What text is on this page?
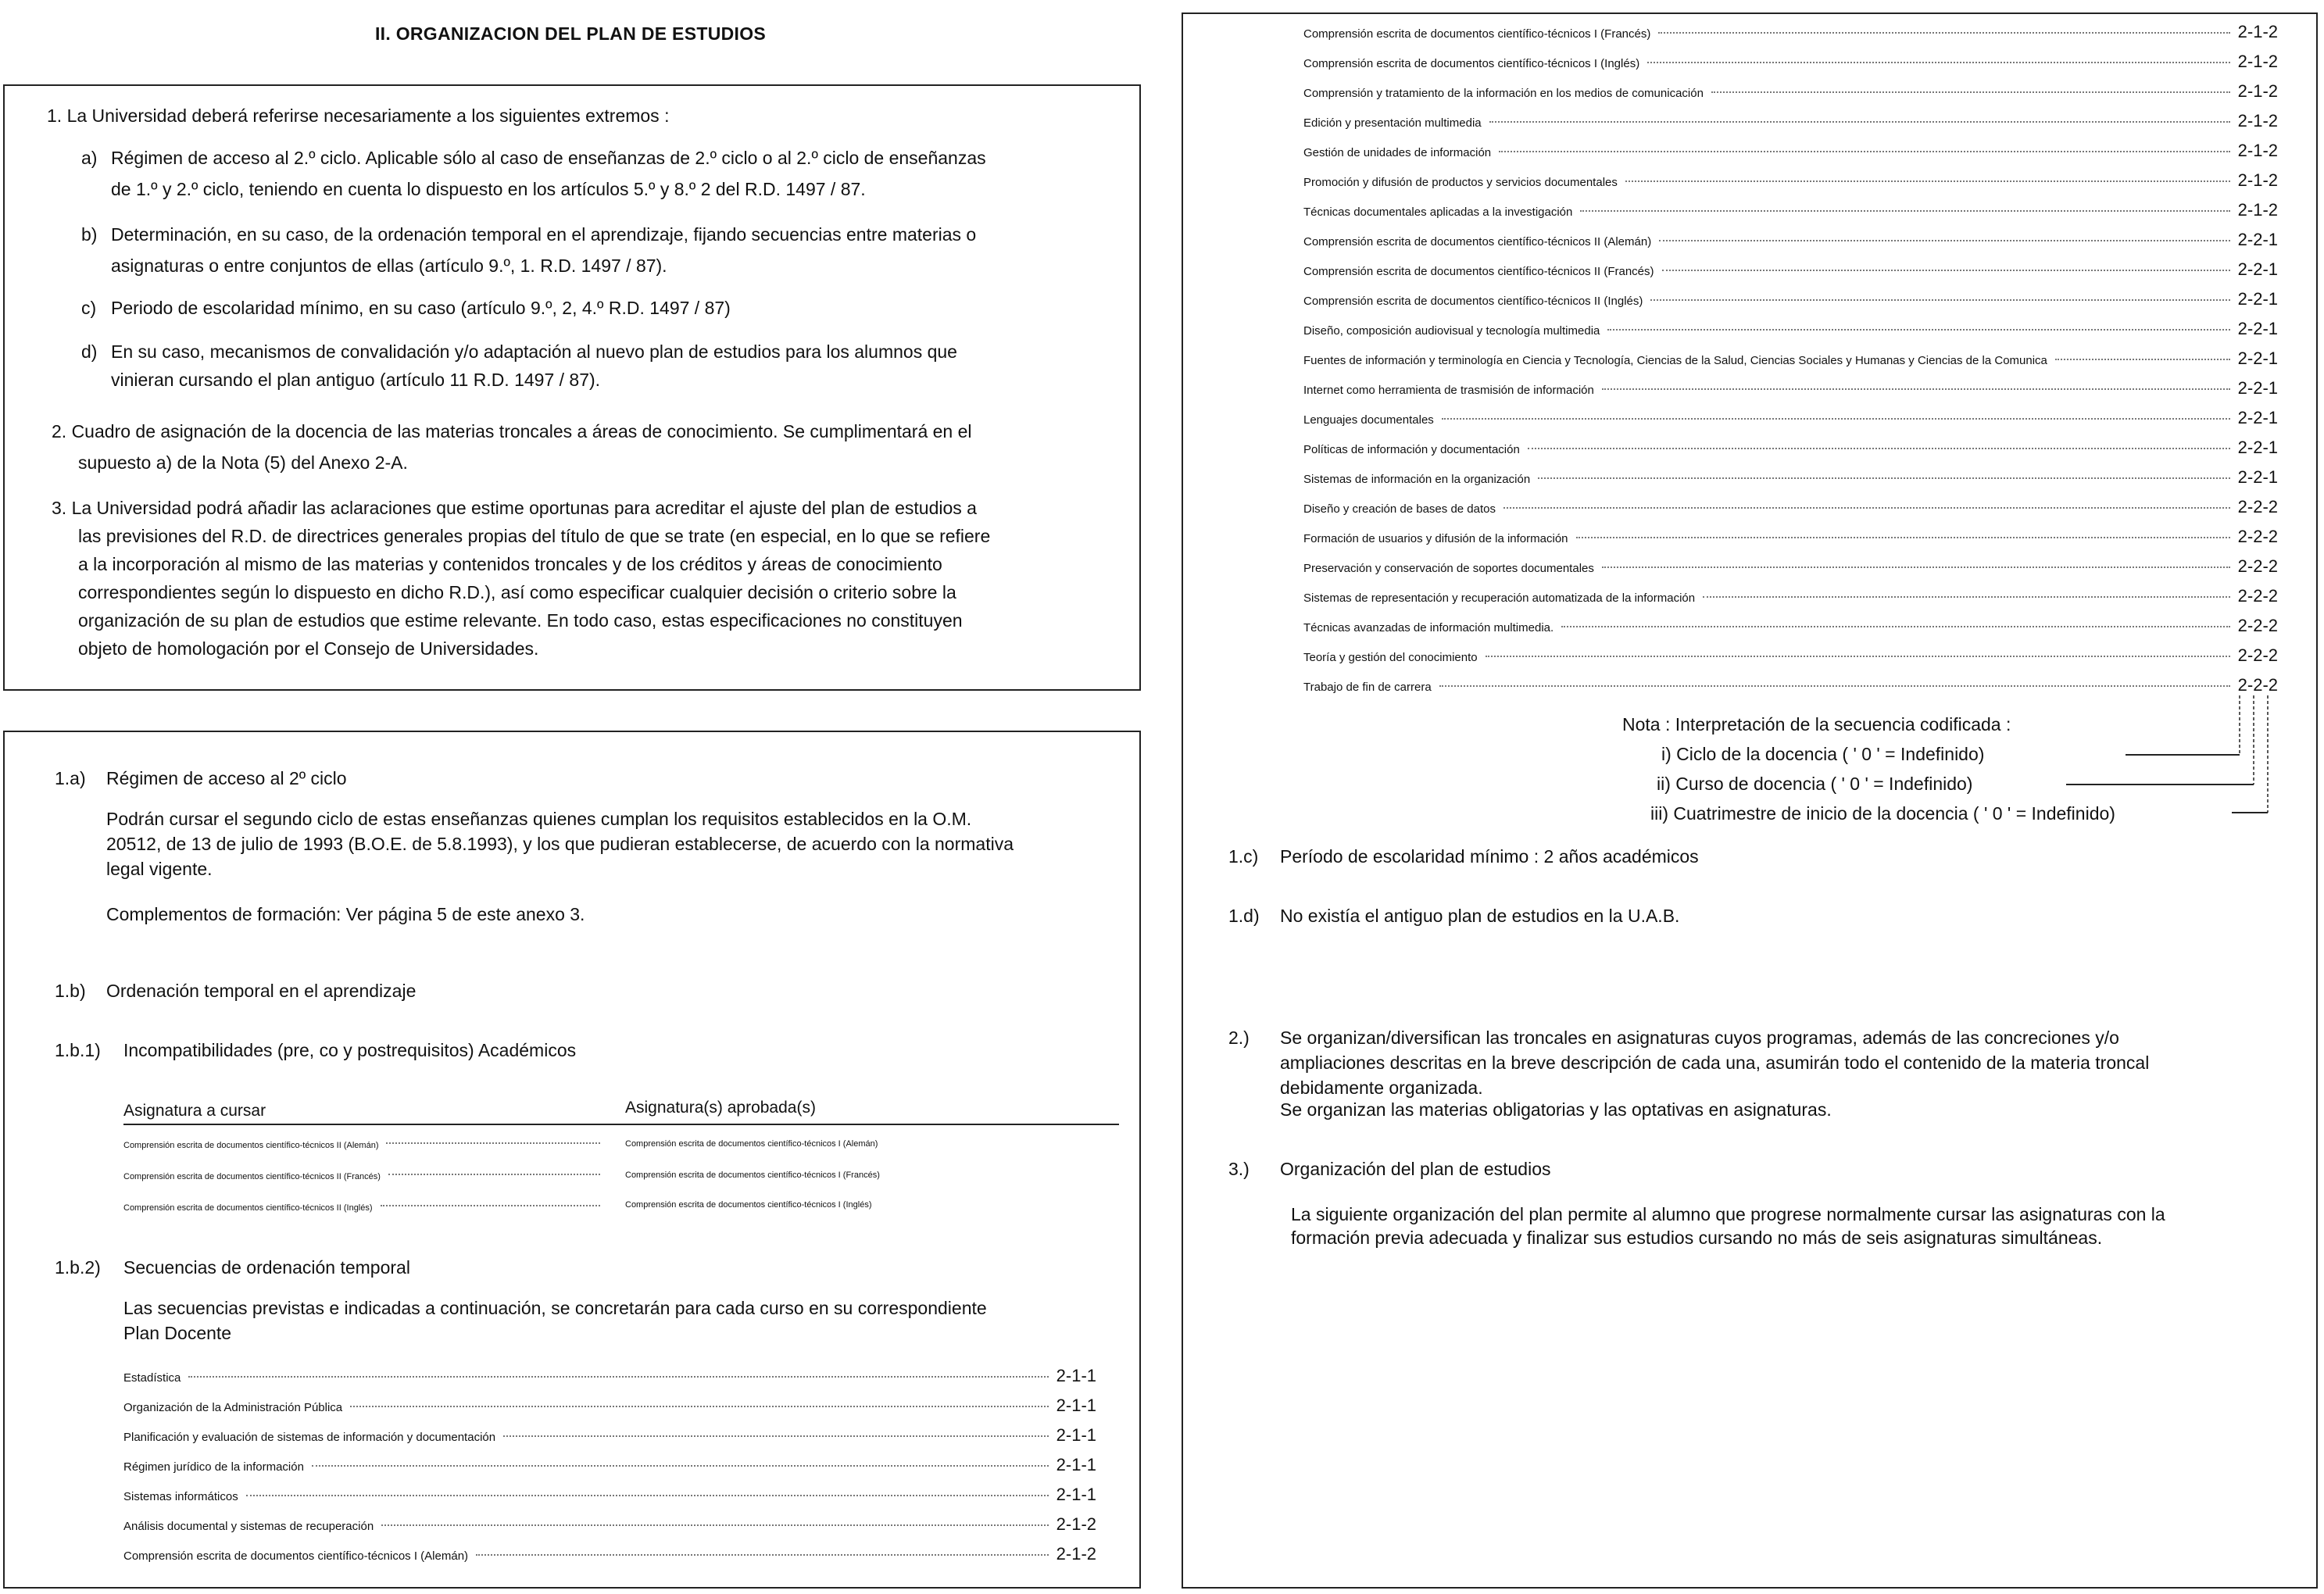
II. ORGANIZACION DEL PLAN DE ESTUDIOS
1. La Universidad deberá referirse necesariamente a los siguientes extremos :
a) Régimen de acceso al 2.º ciclo. Aplicable sólo al caso de enseñanzas de 2.º ciclo o al 2.º ciclo de enseñanzas
de 1.º y 2.º ciclo, teniendo en cuenta lo dispuesto en los artículos 5.º y 8.º 2 del R.D. 1497 / 87.
b) Determinación, en su caso, de la ordenación temporal en el aprendizaje, fijando secuencias entre materias o
asignaturas o entre conjuntos de ellas (artículo 9.º, 1. R.D. 1497 / 87).
c) Periodo de escolaridad mínimo, en su caso (artículo 9.º, 2, 4.º R.D. 1497 / 87)
d) En su caso, mecanismos de convalidación y/o adaptación al nuevo plan de estudios para los alumnos que
vinieran cursando el plan antiguo (artículo 11 R.D. 1497 / 87).
2. Cuadro de asignación de la docencia de las materias troncales a áreas de conocimiento. Se cumplimentará en el
supuesto a) de la Nota (5) del Anexo 2-A.
3. La Universidad podrá añadir las aclaraciones que estime oportunas para acreditar el ajuste del plan de estudios a
las previsiones del R.D. de directrices generales propias del título de que se trate (en especial, en lo que se refiere
a la incorporación al mismo de las materias y contenidos troncales y de los créditos y áreas de conocimiento
correspondientes según lo dispuesto en dicho R.D.), así como especificar cualquier decisión o criterio sobre la
organización de su plan de estudios que estime relevante. En todo caso, estas especificaciones no constituyen
objeto de homologación por el Consejo de Universidades.
1.a) Régimen de acceso al 2º ciclo
Podrán cursar el segundo ciclo de estas enseñanzas quienes cumplan los requisitos establecidos en la O.M.
20512, de 13 de julio de 1993 (B.O.E. de 5.8.1993), y los que pudieran establecerse, de acuerdo con la normativa
legal vigente.
Complementos de formación: Ver página 5 de este anexo 3.
1.b) Ordenación temporal en el aprendizaje
1.b.1) Incompatibilidades (pre, co y postrequisitos) Académicos
Asignatura a cursar	Asignatura(s) aprobada(s)
Comprensión escrita de documentos científico-técnicos II (Alemán)	Comprensión escrita de documentos científico-técnicos I (Alemán)
Comprensión escrita de documentos científico-técnicos II (Francés)	Comprensión escrita de documentos científico-técnicos I (Francés)
Comprensión escrita de documentos científico-técnicos II (Inglés)	Comprensión escrita de documentos científico-técnicos I (Inglés)
1.b.2) Secuencias de ordenación temporal
Las secuencias previstas e indicadas a continuación, se concretarán para cada curso en su correspondiente
Plan Docente
Estadística	2-1-1
Organización de la Administración Pública	2-1-1
Planificación y evaluación de sistemas de información y documentación	2-1-1
Régimen jurídico de la información	2-1-1
Sistemas informáticos	2-1-1
Análisis documental y sistemas de recuperación	2-1-2
Comprensión escrita de documentos científico-técnicos I (Alemán)	2-1-2
Comprensión escrita de documentos científico-técnicos I (Francés)	2-1-2
Comprensión escrita de documentos científico-técnicos I (Inglés)	2-1-2
Comprensión y tratamiento de la información en los medios de comunicación	2-1-2
Edición y presentación multimedia	2-1-2
Gestión de unidades de información	2-1-2
Promoción y difusión de productos y servicios documentales	2-1-2
Técnicas documentales aplicadas a la investigación	2-1-2
Comprensión escrita de documentos científico-técnicos II (Alemán)	2-2-1
Comprensión escrita de documentos científico-técnicos II (Francés)	2-2-1
Comprensión escrita de documentos científico-técnicos II (Inglés)	2-2-1
Diseño, composición audiovisual y tecnología multimedia	2-2-1
Fuentes de información y terminología en Ciencia y Tecnología, Ciencias de la Salud, Ciencias Sociales y Humanas y Ciencias de la Comunica	2-2-1
Internet como herramienta de trasmisión de información	2-2-1
Lenguajes documentales	2-2-1
Políticas de información y documentación	2-2-1
Sistemas de información en la organización	2-2-1
Diseño y creación de bases de datos	2-2-2
Formación de usuarios y difusión de la información	2-2-2
Preservación y conservación de soportes documentales	2-2-2
Sistemas de representación y recuperación automatizada de la información	2-2-2
Técnicas avanzadas de información multimedia.	2-2-2
Teoría y gestión del conocimiento	2-2-2
Trabajo de fin de carrera	2-2-2
Nota : Interpretación de la secuencia codificada :
i) Ciclo de la docencia ( ' 0 ' = Indefinido)
ii) Curso de docencia ( ' 0 ' = Indefinido)
iii) Cuatrimestre de inicio de la docencia ( ' 0 ' = Indefinido)
1.c) Período de escolaridad mínimo : 2 años académicos
1.d) No existía el antiguo plan de estudios en la U.A.B.
2.) Se organizan/diversifican las troncales en asignaturas cuyos programas, además de las concreciones y/o
ampliaciones descritas en la breve descripción de cada una, asumirán todo el contenido de la materia troncal
debidamente organizada.
Se organizan las materias obligatorias y las optativas en asignaturas.
3.) Organización del plan de estudios
La siguiente organización del plan permite al alumno que progrese normalmente cursar las asignaturas con la
formación previa adecuada y finalizar sus estudios cursando no más de seis asignaturas simultáneas.
